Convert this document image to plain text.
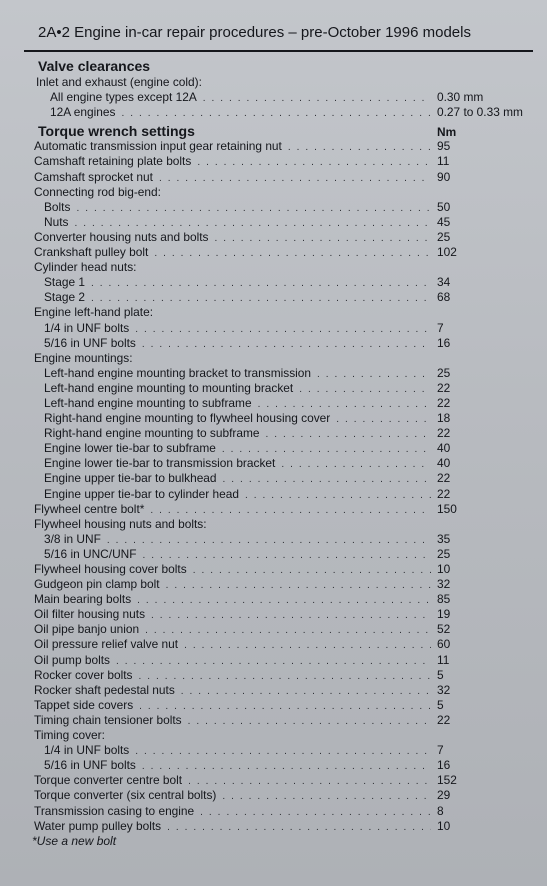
2A•2 Engine in-car repair procedures – pre-October 1996 models
Valve clearances
Inlet and exhaust (engine cold):
All engine types except 12A . . .	0.30 mm
12A engines . . .	0.27 to 0.33 mm
Torque wrench settings	Nm
Automatic transmission input gear retaining nut . . .	95
Camshaft retaining plate bolts . . .	11
Camshaft sprocket nut . . .	90
Connecting rod big-end:
Bolts . . .	50
Nuts . . .	45
Converter housing nuts and bolts . . .	25
Crankshaft pulley bolt . . .	102
Cylinder head nuts:
Stage 1 . . .	34
Stage 2 . . .	68
Engine left-hand plate:
1/4 in UNF bolts . . .	7
5/16 in UNF bolts . . .	16
Engine mountings:
Left-hand engine mounting bracket to transmission . . .	25
Left-hand engine mounting to mounting bracket . . .	22
Left-hand engine mounting to subframe . . .	22
Right-hand engine mounting to flywheel housing cover . . .	18
Right-hand engine mounting to subframe . . .	22
Engine lower tie-bar to subframe . . .	40
Engine lower tie-bar to transmission bracket . . .	40
Engine upper tie-bar to bulkhead . . .	22
Engine upper tie-bar to cylinder head . . .	22
Flywheel centre bolt* . . .	150
Flywheel housing nuts and bolts:
3/8 in UNF . . .	35
5/16 in UNC/UNF . . .	25
Flywheel housing cover bolts . . .	10
Gudgeon pin clamp bolt . . .	32
Main bearing bolts . . .	85
Oil filter housing nuts . . .	19
Oil pipe banjo union . . .	52
Oil pressure relief valve nut . . .	60
Oil pump bolts . . .	11
Rocker cover bolts . . .	5
Rocker shaft pedestal nuts . . .	32
Tappet side covers . . .	5
Timing chain tensioner bolts . . .	22
Timing cover:
1/4 in UNF bolts . . .	7
5/16 in UNF bolts . . .	16
Torque converter centre bolt . . .	152
Torque converter (six central bolts) . . .	29
Transmission casing to engine . . .	8
Water pump pulley bolts . . .	10
*Use a new bolt
